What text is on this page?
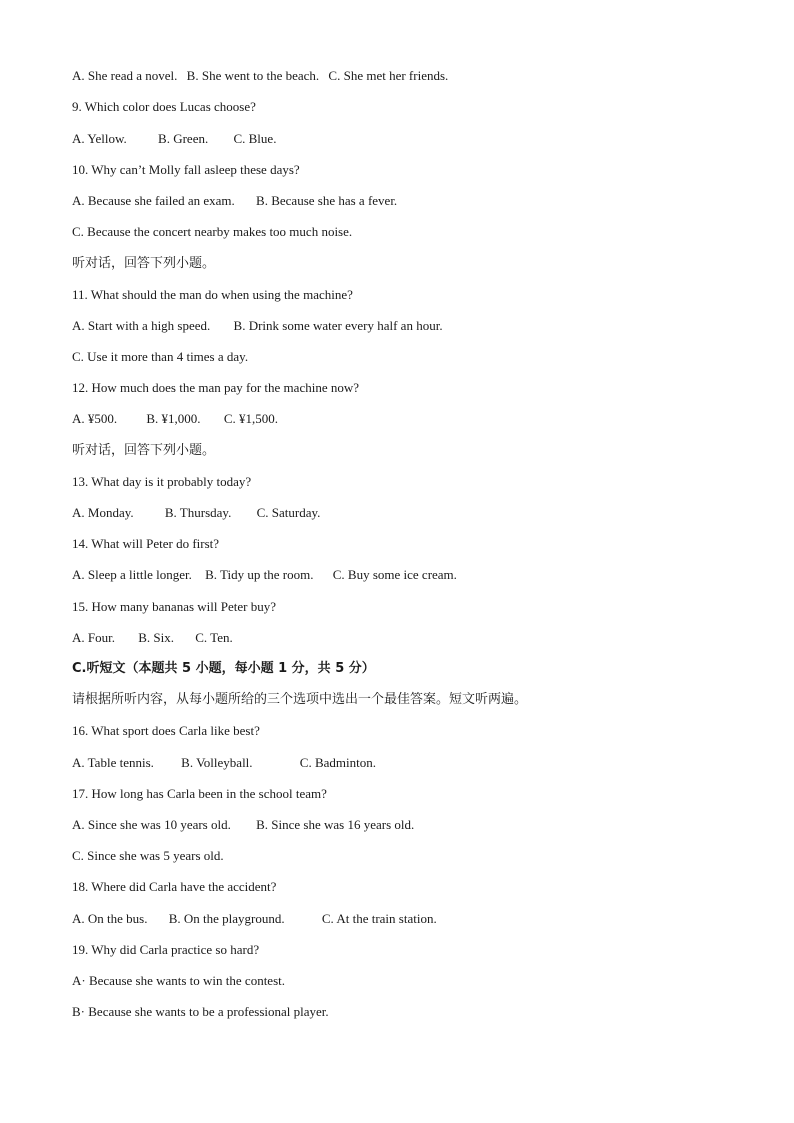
A. She read a novel. B. She went to the beach. C. She met her friends.
9. Which color does Lucas choose?
A. Yellow. B. Green. C. Blue.
10. Why can’t Molly fall asleep these days?
A. Because she failed an exam. B. Because she has a fever.
C. Because the concert nearby makes too much noise.
听对话，回答下列小题。
11. What should the man do when using the machine?
A. Start with a high speed. B. Drink some water every half an hour.
C. Use it more than 4 times a day.
12. How much does the man pay for the machine now?
A. ¥500. B. ¥1,000. C. ¥1,500.
听对话，回答下列小题。
13. What day is it probably today?
A. Monday. B. Thursday. C. Saturday.
14. What will Peter do first?
A. Sleep a little longer. B. Tidy up the room. C. Buy some ice cream.
15. How many bananas will Peter buy?
A. Four. B. Six. C. Ten.
C.听短文（本题共 5 小题，每小题 1 分，共 5 分）
请根据所听内容，从每小题所给的三个选项中选出一个最佳答案。短文听两遍。
16. What sport does Carla like best?
A. Table tennis. B. Volleyball.	C. Badminton.
17. How long has Carla been in the school team?
A. Since she was 10 years old. B. Since she was 16 years old.
C. Since she was 5 years old.
18. Where did Carla have the accident?
A. On the bus. B. On the playground.	C. At the train station.
19. Why did Carla practice so hard?
A· Because she wants to win the contest.
B· Because she wants to be a professional player.
